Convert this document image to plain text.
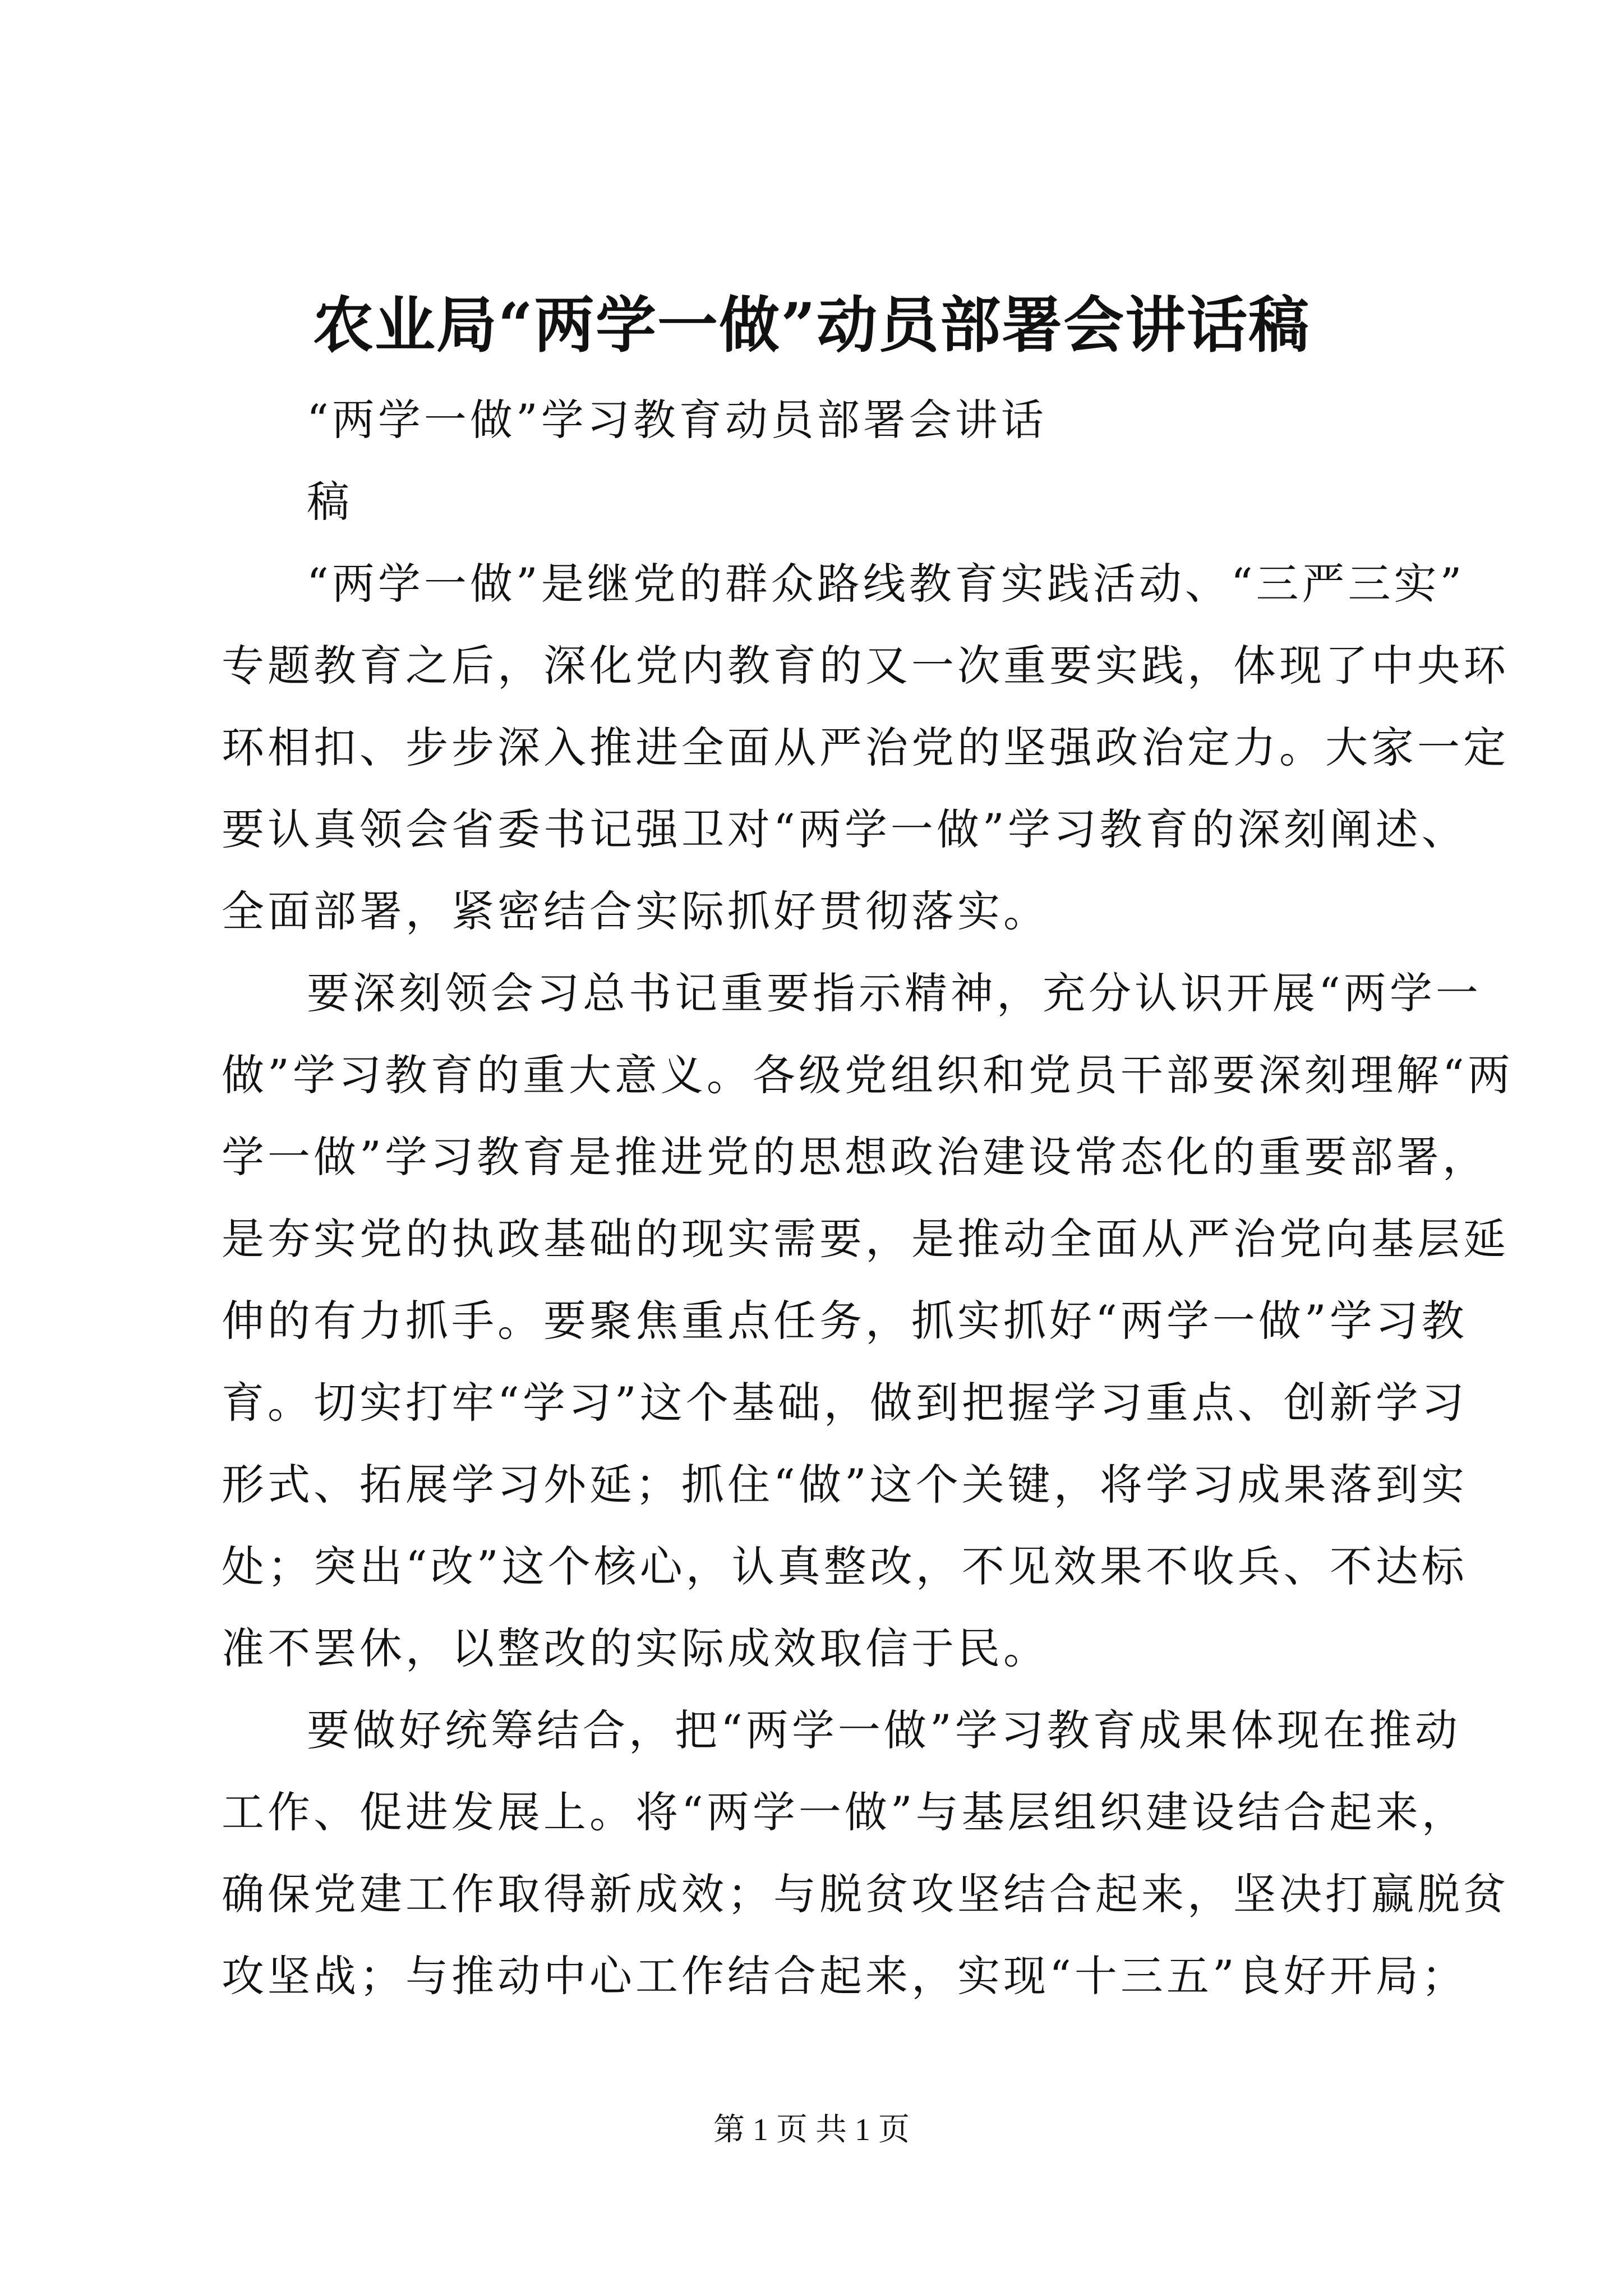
农业局“两学一做”动员部署会讲话稿
“两学一做”学习教育动员部署会讲话
稿
“两学一做”是继党的群众路线教育实践活动、“三严三实”
专题教育之后，深化党内教育的又一次重要实践，体现了中央环
环相扣、步步深入推进全面从严治党的坚强政治定力。大家一定
要认真领会省委书记强卫对“两学一做”学习教育的深刻阐述、
全面部署，紧密结合实际抓好贯彻落实。
要深刻领会习总书记重要指示精神，充分认识开展“两学一
做”学习教育的重大意义。各级党组织和党员干部要深刻理解“两
学一做”学习教育是推进党的思想政治建设常态化的重要部署，
是夯实党的执政基础的现实需要，是推动全面从严治党向基层延
伸的有力抓手。要聚焦重点任务，抓实抓好“两学一做”学习教
育。切实打牢“学习”这个基础，做到把握学习重点、创新学习
形式、拓展学习外延；抓住“做”这个关键，将学习成果落到实
处；突出“改”这个核心，认真整改，不见效果不收兵、不达标
准不罢休，以整改的实际成效取信于民。
要做好统筹结合，把“两学一做”学习教育成果体现在推动
工作、促进发展上。将“两学一做”与基层组织建设结合起来，
确保党建工作取得新成效；与脱贫攻坚结合起来，坚决打赢脱贫
攻坚战；与推动中心工作结合起来，实现“十三五”良好开局；
第 1 页 共 1 页
